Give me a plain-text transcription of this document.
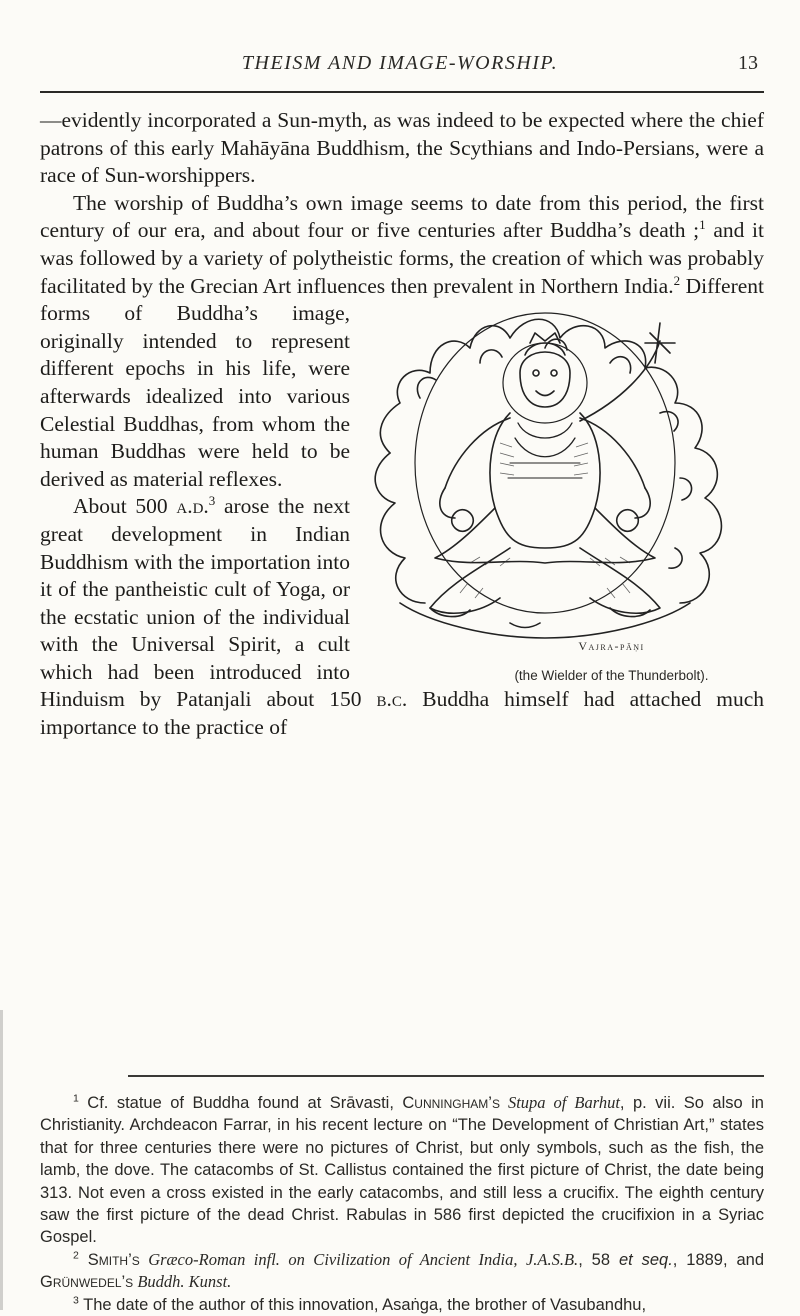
THEISM AND IMAGE-WORSHIP.	13

—evidently incorporated a Sun-myth, as was indeed to be expected where the chief patrons of this early Mahāyāna Buddhism, the Scythians and Indo-Persians, were a race of Sun-worshippers.

The worship of Buddha’s own image seems to date from this period, the first century of our era, and about four or five centuries after Buddha’s death ;$^1$ and it was followed by a variety of polytheistic forms, the creation of which was probably facilitated by the Grecian Art influences then prevalent in Northern India.$^2$
Vajra-pāṇi
(the Wielder of the Thunderbolt).
Different forms of Buddha’s image, originally intended to represent different epochs in his life, were afterwards idealized into various Celestial Buddhas, from whom the human Buddhas were held to be derived as material reflexes.

About 500 a.d.$^3$ arose the next great development in Indian Buddhism with the importation into it of the pantheistic cult of Yoga, or the ecstatic union of the individual with the Universal Spirit, a cult which had been introduced into Hinduism by Patanjali about 150 b.c. Buddha himself had attached much importance to the practice of

$^1$ Cf. statue of Buddha found at Srāvasti, Cunningham’s Stupa of Barhut, p. vii. So also in Christianity. Archdeacon Farrar, in his recent lecture on “The Development of Christian Art,” states that for three centuries there were no pictures of Christ, but only symbols, such as the fish, the lamb, the dove. The catacombs of St. Callistus contained the first picture of Christ, the date being 313. Not even a cross existed in the early catacombs, and still less a crucifix. The eighth century saw the first picture of the dead Christ. Rabulas in 586 first depicted the crucifixion in a Syriac Gospel.

$^2$ Smith’s Græco-Roman infl. on Civilization of Ancient India, J.A.S.B., 58 et seq., 1889, and Grünwedel’s Buddh. Kunst.

$^3$ The date of the author of this innovation, Asaṅga, the brother of Vasubandhu,
